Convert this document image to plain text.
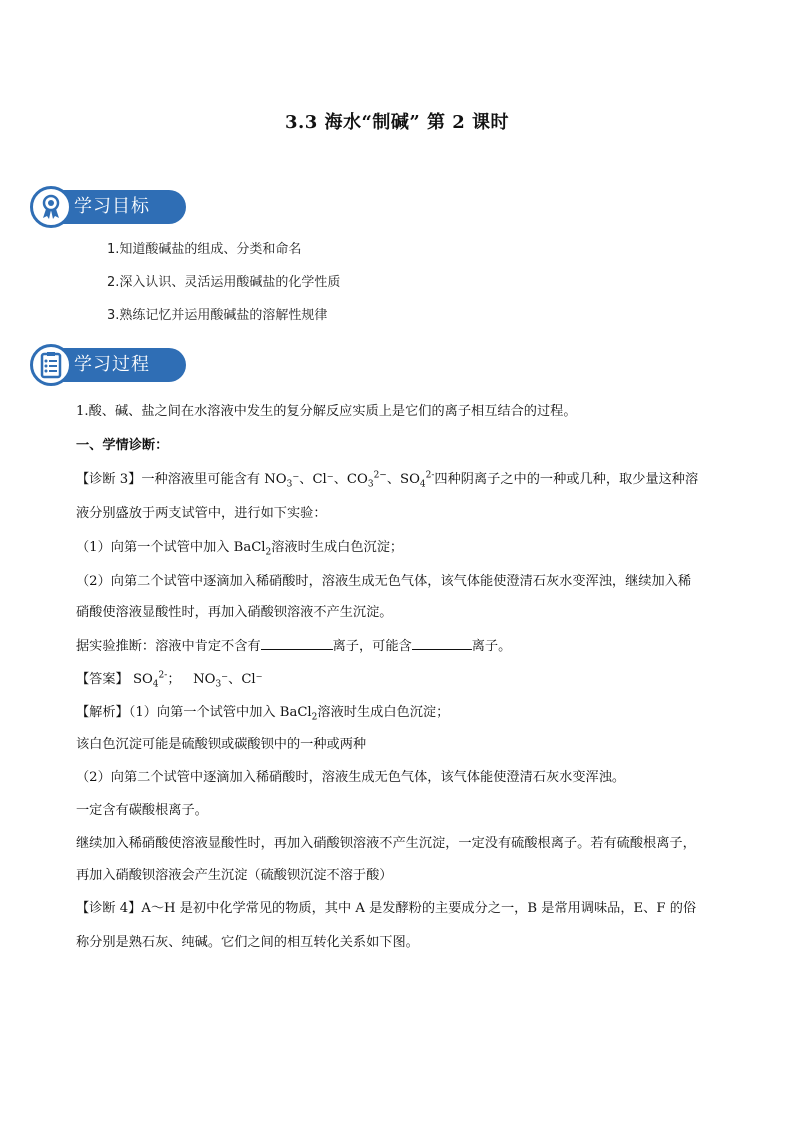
3.3 海水“制碱” 第 2 课时
学习目标
1.知道酸碱盐的组成、分类和命名
2.深入认识、灵活运用酸碱盐的化学性质
3.熟练记忆并运用酸碱盐的溶解性规律
学习过程
1.酸、碱、盐之间在水溶液中发生的复分解反应实质上是它们的离子相互结合的过程。
一、学情诊断：
【诊断 3】一种溶液里可能含有 $NO_3^-$、Cl⁻、$CO_3^{2-}$、$SO_4^{2-}$四种阴离子之中的一种或几种，取少量这种溶
液分别盛放于两支试管中，进行如下实验：
（1）向第一个试管中加入 BaCl$_2$溶液时生成白色沉淀；
（2）向第二个试管中逐滴加入稀硝酸时，溶液生成无色气体，该气体能使澄清石灰水变浑浊，继续加入稀
硝酸使溶液显酸性时，再加入硝酸钡溶液不产生沉淀。
据实验推断：溶液中肯定不含有	离子，可能含	离子。
【答案】 $SO_4^{2-}$；   $NO_3^-$、Cl⁻
【解析】（1）向第一个试管中加入 BaCl$_2$溶液时生成白色沉淀；
该白色沉淀可能是硫酸钡或碳酸钡中的一种或两种
（2）向第二个试管中逐滴加入稀硝酸时，溶液生成无色气体，该气体能使澄清石灰水变浑浊。
一定含有碳酸根离子。
继续加入稀硝酸使溶液显酸性时，再加入硝酸钡溶液不产生沉淀，一定没有硫酸根离子。若有硫酸根离子，
再加入硝酸钡溶液会产生沉淀（硫酸钡沉淀不溶于酸）
【诊断 4】A～H 是初中化学常见的物质，其中 A 是发酵粉的主要成分之一，B 是常用调味品，E、F 的俗
称分别是熟石灰、纯碱。它们之间的相互转化关系如下图。
